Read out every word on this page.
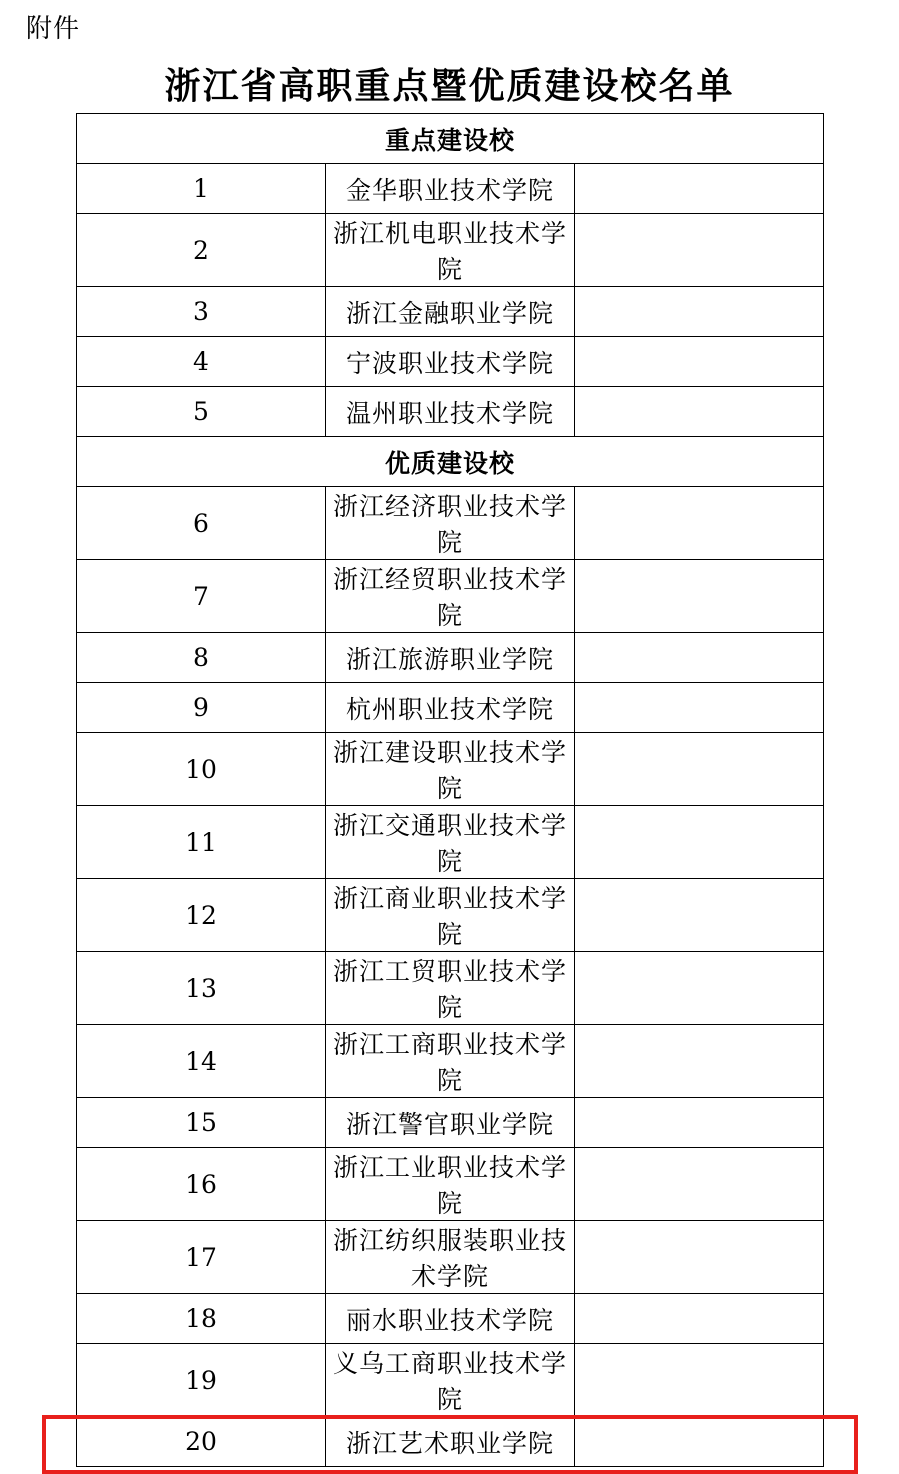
附件
浙江省高职重点暨优质建设校名单
重点建设校		
1	金华职业技术学院	
2	浙江机电职业技术学院	
3	浙江金融职业学院	
4	宁波职业技术学院	
5	温州职业技术学院	
优质建设校		
6	浙江经济职业技术学院	
7	浙江经贸职业技术学院	
8	浙江旅游职业学院	
9	杭州职业技术学院	
10	浙江建设职业技术学院	
11	浙江交通职业技术学院	
12	浙江商业职业技术学院	
13	浙江工贸职业技术学院	
14	浙江工商职业技术学院	
15	浙江警官职业学院	
16	浙江工业职业技术学院	
17	浙江纺织服装职业技术学院	
18	丽水职业技术学院	
19	义乌工商职业技术学院	
20	浙江艺术职业学院	
